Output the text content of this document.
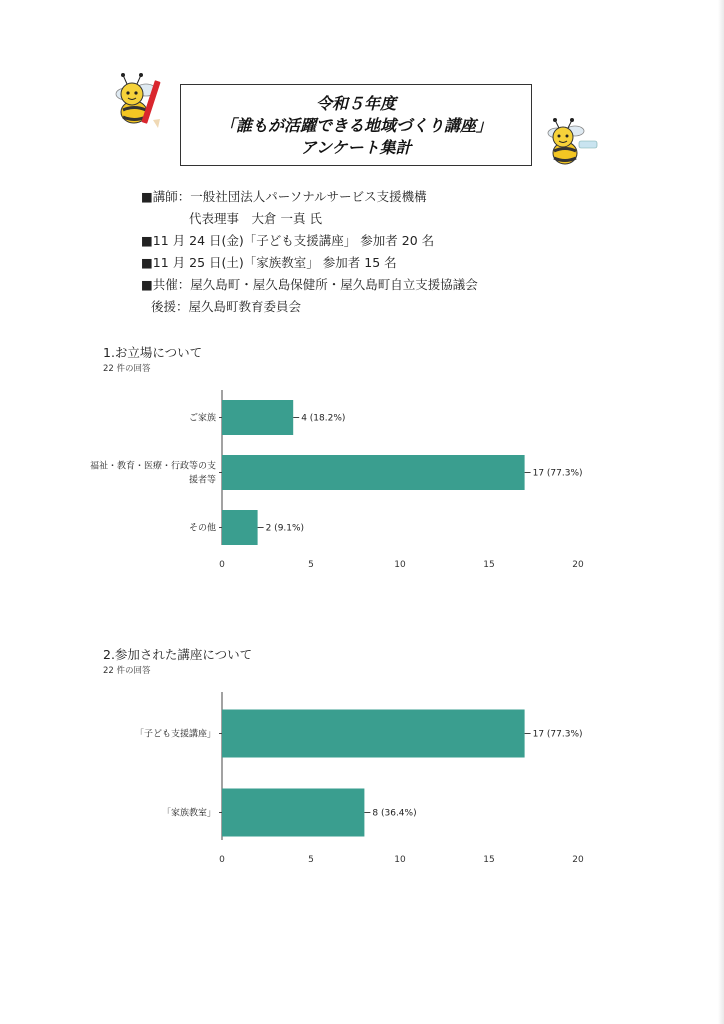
令和５年度
「誰もが活躍できる地域づくり講座」
アンケート集計
■講師：一般社団法人パーソナルサービス支援機構
代表理事　大倉 一真 氏
■11 月 24 日(金)「子ども支援講座」 参加者 20 名
■11 月 25 日(土)「家族教室」 参加者 15 名
■共催：屋久島町・屋久島保健所・屋久島町自立支援協議会
後援：屋久島町教育委員会
1.お立場について
22 件の回答
ご家族	4 (18.2%)
福祉・教育・医療・行政等の支
援者等
17 (77.3%)
その他	2 (9.1%)
0	5	10	15	20
2.参加された講座について
22 件の回答
「子ども支援講座」	17 (77.3%)
「家族教室」	8 (36.4%)
0	5	10	15	20
